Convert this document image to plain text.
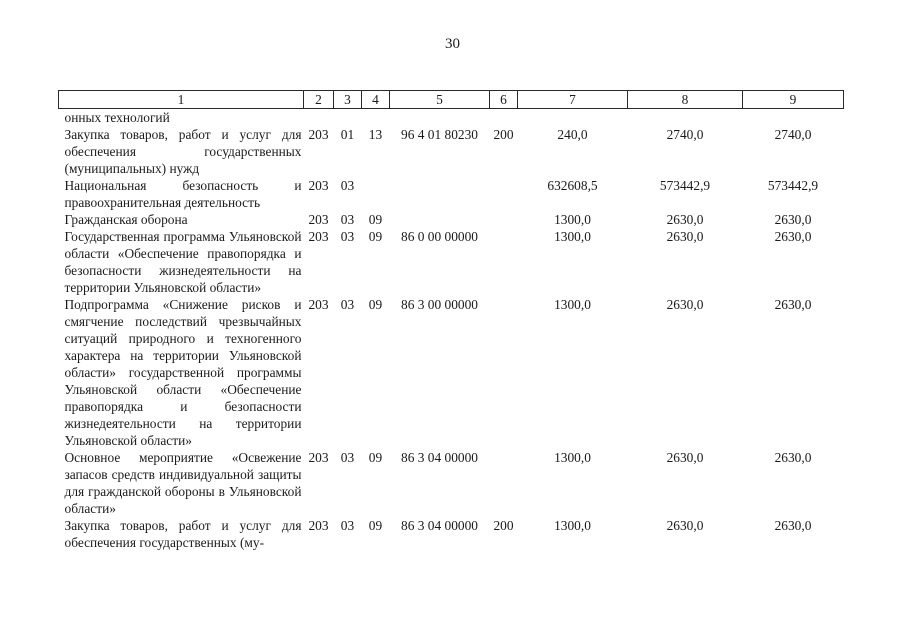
30
1	2	3	4	5	6	7	8	9
онных технологий								
Закупка товаров, работ и услуг для обеспечения государственных (муниципальных) нужд	203	01	13	96 4 01 80230	200	240,0	2740,0	2740,0
Национальная безопасность и правоохранительная деятельность	203	03				632608,5	573442,9	573442,9
Гражданская оборона	203	03	09			1300,0	2630,0	2630,0
Государственная программа Ульяновской области «Обеспечение правопорядка и безопасности жизнедеятельности на территории Ульяновской области»	203	03	09	86 0 00 00000		1300,0	2630,0	2630,0
Подпрограмма «Снижение рисков и смягчение последствий чрезвычайных ситуаций природного и техногенного характера на территории Ульяновской области» государственной программы Ульяновской области «Обеспечение правопорядка и безопасности жизнедеятельности на территории Ульяновской области»	203	03	09	86 3 00 00000		1300,0	2630,0	2630,0
Основное мероприятие «Освежение запасов средств индивидуальной защиты для гражданской обороны в Ульяновской области»	203	03	09	86 3 04 00000		1300,0	2630,0	2630,0
Закупка товаров, работ и услуг для обеспечения государственных (му-	203	03	09	86 3 04 00000	200	1300,0	2630,0	2630,0
